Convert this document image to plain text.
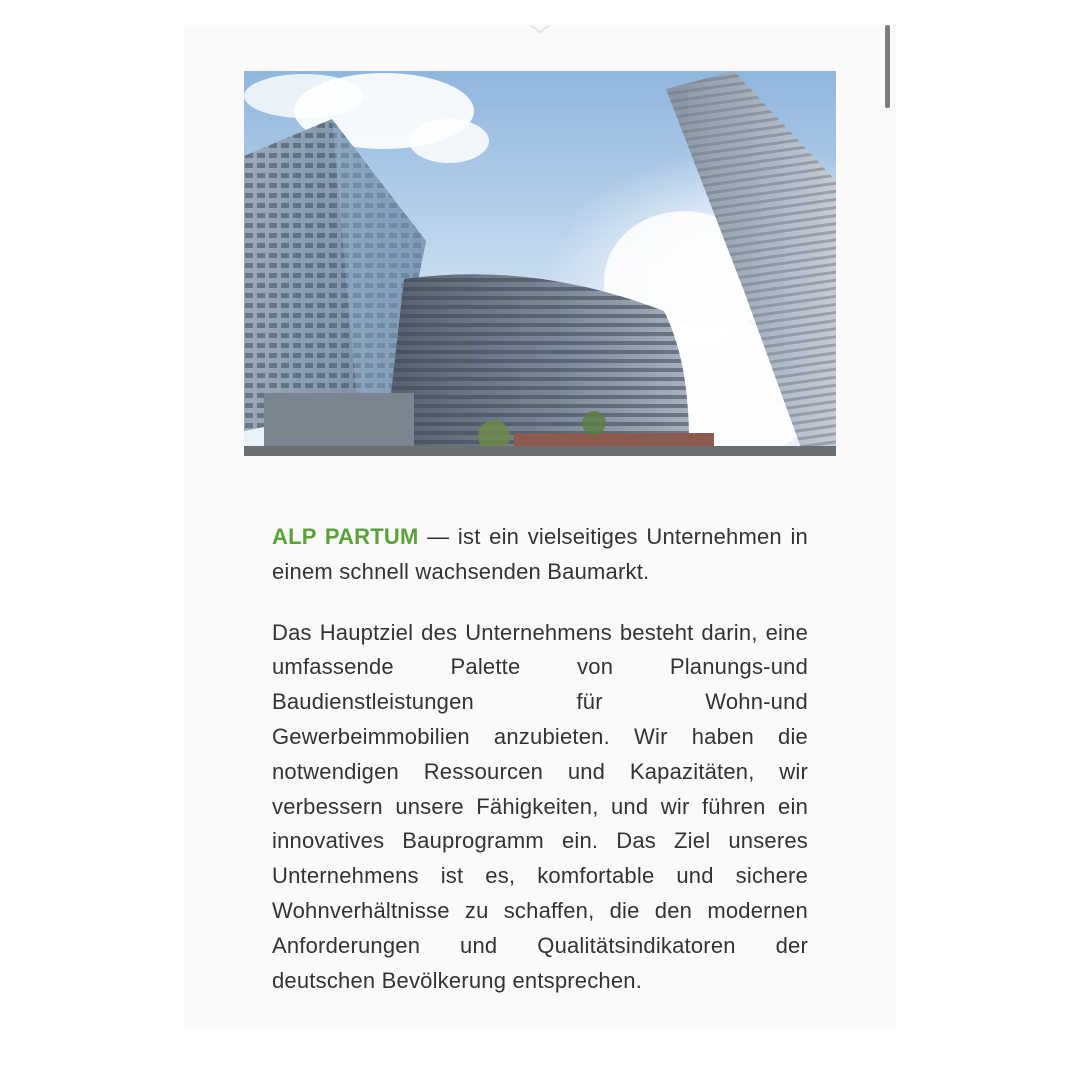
ALP PARTUM — ist ein vielseitiges Unternehmen in einem schnell wachsenden Baumarkt.

Das Hauptziel des Unternehmens besteht darin, eine umfassende Palette von Planungs-und Baudienstleistungen für Wohn-und Gewerbeimmobilien anzubieten. Wir haben die notwendigen Ressourcen und Kapazitäten, wir verbessern unsere Fähigkeiten, und wir führen ein innovatives Bauprogramm ein. Das Ziel unseres Unternehmens ist es, komfortable und sichere Wohnverhältnisse zu schaffen, die den modernen Anforderungen und Qualitätsindikatoren der deutschen Bevölkerung entsprechen.
